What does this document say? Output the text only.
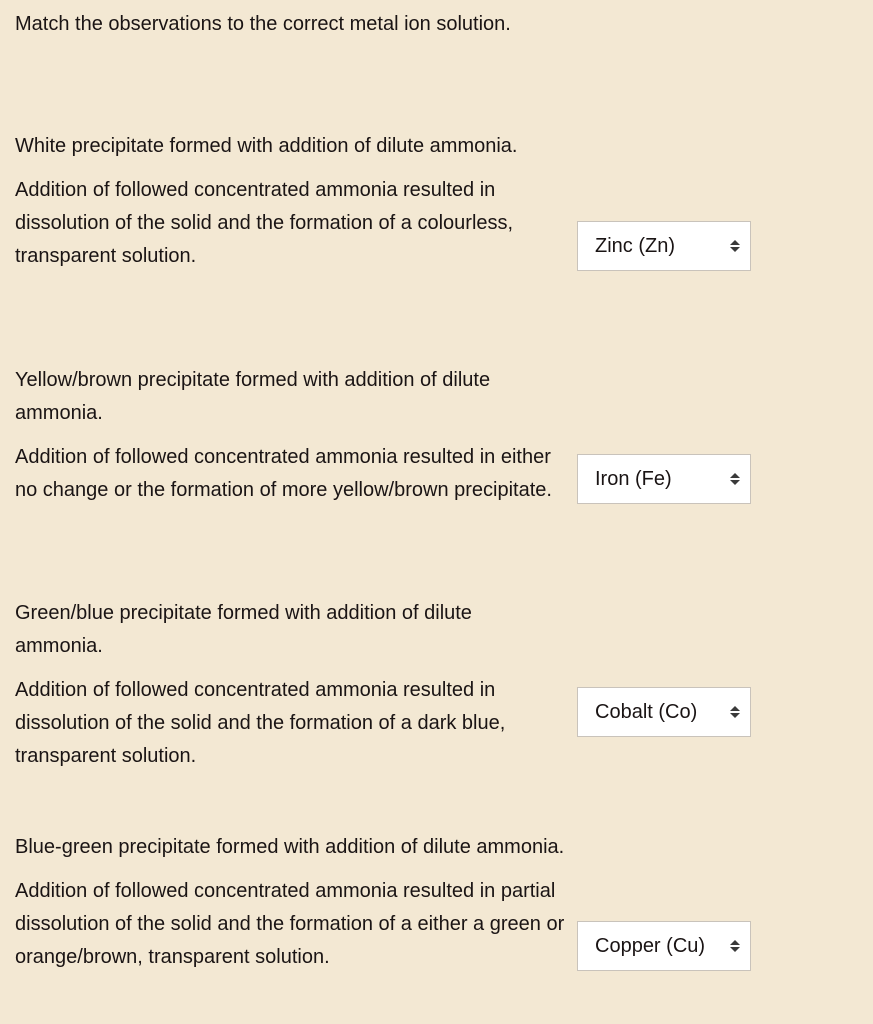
Match the observations to the correct metal ion solution.

White precipitate formed with addition of dilute ammonia.

Addition of followed concentrated ammonia resulted in dissolution of the solid and the formation of a colourless, transparent solution.	Zinc (Zn)

Yellow/brown precipitate formed with addition of dilute ammonia.

Addition of followed concentrated ammonia resulted in either no change or the formation of more yellow/brown precipitate.

Iron (Fe)

Green/blue precipitate formed with addition of dilute ammonia.

Addition of followed concentrated ammonia resulted in dissolution of the solid and the formation of a dark blue, transparent solution.

Cobalt (Co)

Blue-green precipitate formed with addition of dilute ammonia.

Addition of followed concentrated ammonia resulted in partial dissolution of the solid and the formation of a either a green or orange/brown, transparent solution.

Copper (Cu)
